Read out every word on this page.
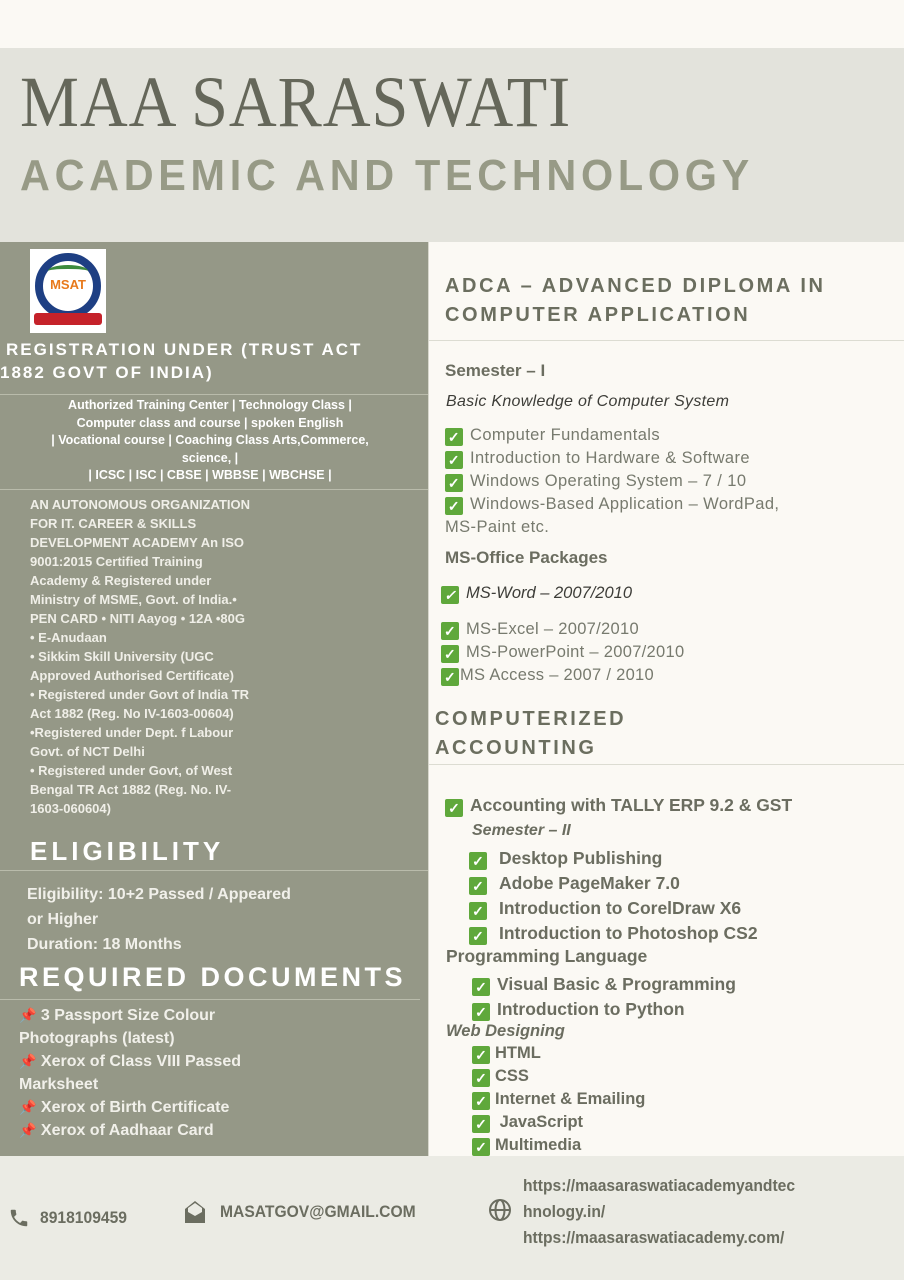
MAA SARASWATI
ACADEMIC AND TECHNOLOGY
MSAT
REGISTRATION UNDER (TRUST ACT
1882 GOVT OF INDIA)
Authorized Training Center | Technology Class |
Computer class and course | spoken English
| Vocational course | Coaching Class Arts,Commerce,
science, |
| ICSC | ISC | CBSE | WBBSE | WBCHSE |
AN AUTONOMOUS ORGANIZATION
FOR IT. CAREER & SKILLS
DEVELOPMENT ACADEMY An ISO
9001:2015 Certified Training
Academy & Registered under
Ministry of MSME, Govt. of India.•
PEN CARD • NITI Aayog • 12A •80G
• E-Anudaan
• Sikkim Skill University (UGC
Approved Authorised Certificate)
• Registered under Govt of India TR
Act 1882 (Reg. No IV-1603-00604)
•Registered under Dept. f Labour
Govt. of NCT Delhi
• Registered under Govt, of West
Bengal TR Act 1882 (Reg. No. IV-
1603-060604)
ELIGIBILITY
Eligibility: 10+2 Passed / Appeared
or Higher
Duration: 18 Months
REQUIRED DOCUMENTS
📌 3 Passport Size Colour
Photographs (latest)
📌 Xerox of Class VIII Passed
Marksheet
📌 Xerox of Birth Certificate
📌 Xerox of Aadhaar Card
ADCA – ADVANCED DIPLOMA IN
COMPUTER APPLICATION
Semester – I
Basic Knowledge of Computer System
✓ Computer Fundamentals
✓ Introduction to Hardware & Software
✓ Windows Operating System – 7 / 10
✓ Windows-Based Application – WordPad,
MS-Paint etc.
MS-Office Packages
✓ MS-Word – 2007/2010
✓ MS-Excel – 2007/2010
✓ MS-PowerPoint – 2007/2010
✓ MS Access – 2007 / 2010
COMPUTERIZED
ACCOUNTING
✓ Accounting with TALLY ERP 9.2 & GST
Semester – II
✓ Desktop Publishing
✓ Adobe PageMaker 7.0
✓ Introduction to CorelDraw X6
✓ Introduction to Photoshop CS2
Programming Language
✓ Visual Basic & Programming
✓ Introduction to Python
Web Designing
✓ HTML
✓ CSS
✓ Internet & Emailing
✓ JavaScript
✓ Multimedia
8918109459	MASATGOV@GMAIL.COM
https://maasaraswatiacademyandtec
hnology.in/
https://maasaraswatiacademy.com/
